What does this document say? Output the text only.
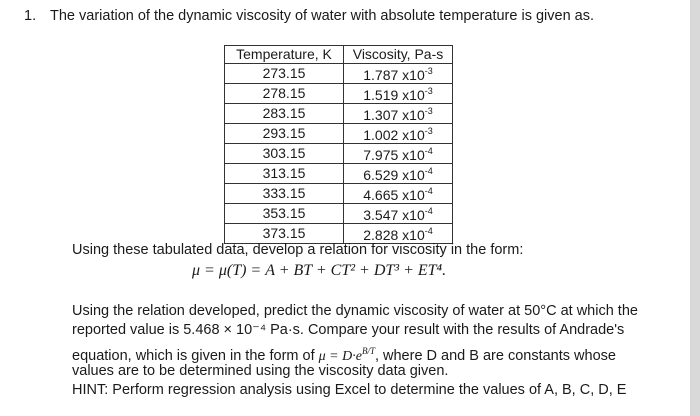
1. The variation of the dynamic viscosity of water with absolute temperature is given as.
Temperature, K	Viscosity, Pa-s
273.15	1.787 $x10^{-3}$
278.15	1.519 $x10^{-3}$
283.15	1.307 $x10^{-3}$
293.15	1.002 $x10^{-3}$
303.15	7.975 $x10^{-4}$
313.15	6.529 $x10^{-4}$
333.15	4.665 $x10^{-4}$
353.15	3.547 $x10^{-4}$
373.15	2.828 $x10^{-4}$
Using these tabulated data, develop a relation for viscosity in the form:
μ = μ(T) = A + BT + CT² + DT³ + ET⁴.
Using the relation developed, predict the dynamic viscosity of water at 50°C at which the
reported value is 5.468 × 10⁻⁴ Pa·s. Compare your result with the results of Andrade's
equation, which is given in the form of $\mu = D\cdot e^{B/T}$, where D and B are constants whose
values are to be determined using the viscosity data given.
HINT: Perform regression analysis using Excel to determine the values of A, B, C, D, E
